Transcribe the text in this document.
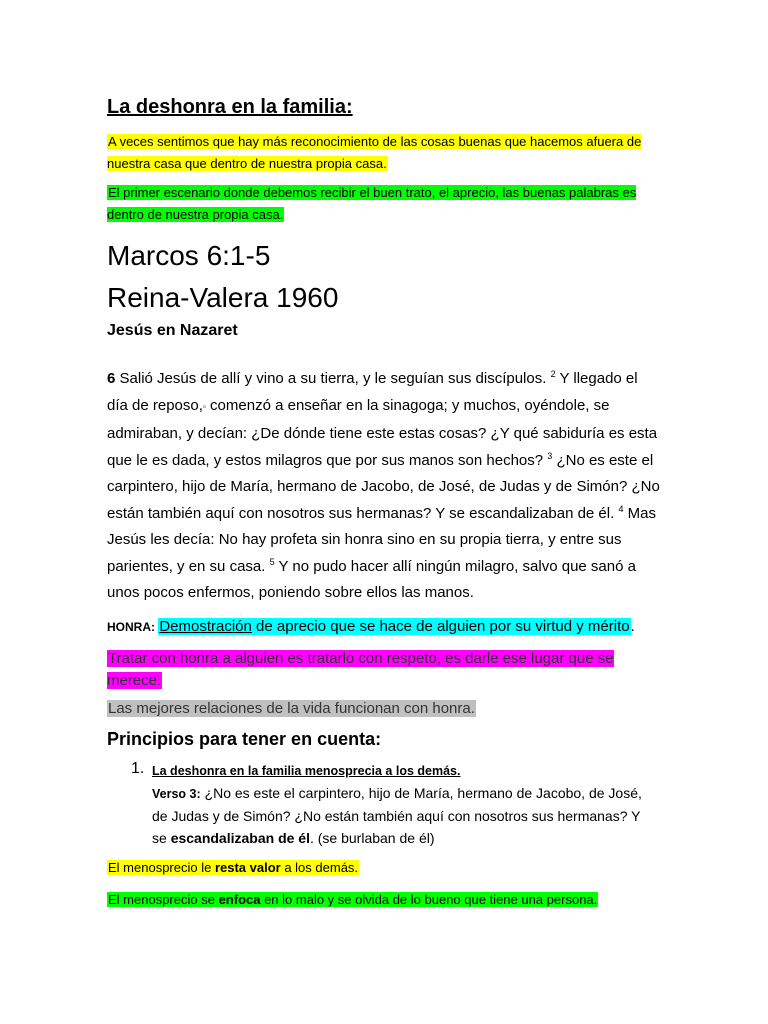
La deshonra en la familia:
A veces sentimos que hay más reconocimiento de las cosas buenas que hacemos afuera de nuestra casa que dentro de nuestra propia casa.
El primer escenario donde debemos recibir el buen trato, el aprecio, las buenas palabras es dentro de nuestra propia casa.
Marcos 6:1-5
Reina-Valera 1960
Jesús en Nazaret
6 Salió Jesús de allí y vino a su tierra, y le seguían sus discípulos. $^2$ Y llegado el día de reposo,ᵃ comenzó a enseñar en la sinagoga; y muchos, oyéndole, se admiraban, y decían: ¿De dónde tiene este estas cosas? ¿Y qué sabiduría es esta que le es dada, y estos milagros que por sus manos son hechos? $^3$ ¿No es este el carpintero, hijo de María, hermano de Jacobo, de José, de Judas y de Simón? ¿No están también aquí con nosotros sus hermanas? Y se escandalizaban de él. $^4$ Mas Jesús les decía: No hay profeta sin honra sino en su propia tierra, y entre sus parientes, y en su casa. $^5$ Y no pudo hacer allí ningún milagro, salvo que sanó a unos pocos enfermos, poniendo sobre ellos las manos.
HONRA: Demostración de aprecio que se hace de alguien por su virtud y mérito.
Tratar con honra a alguien es tratarlo con respeto, es darle ese lugar que se merece.
Las mejores relaciones de la vida funcionan con honra.
Principios para tener en cuenta:
1. La deshonra en la familia menosprecia a los demás.
Verso 3: ¿No es este el carpintero, hijo de María, hermano de Jacobo, de José, de Judas y de Simón? ¿No están también aquí con nosotros sus hermanas? Y se escandalizaban de él. (se burlaban de él)
El menosprecio le resta valor a los demás.
El menosprecio se enfoca en lo malo y se olvida de lo bueno que tiene una persona.
